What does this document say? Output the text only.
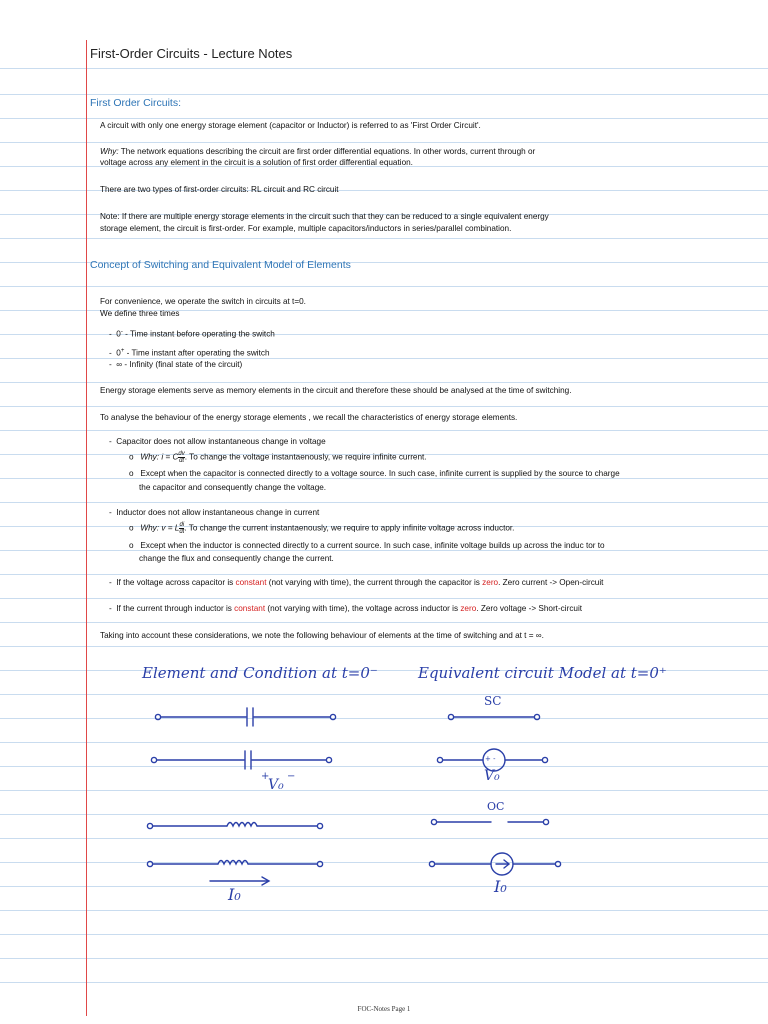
First-Order Circuits - Lecture Notes
First Order Circuits:
A circuit with only one energy storage element (capacitor or Inductor) is referred to as 'First Order Circuit'.
Why: The network equations describing the circuit are first order differential equations. In other words, current through or
voltage across any element in the circuit is a solution of first order differential equation.
There are two types of first-order circuits: RL circuit and RC circuit
Note: If there are multiple energy storage elements in the circuit such that they can be reduced to a single equivalent energy
storage element, the circuit is first-order. For example, multiple capacitors/inductors in series/parallel combination.
Concept of Switching and Equivalent Model of Elements
For convenience, we operate the switch in circuits at t=0.
We define three times
-  0- - Time instant before operating the switch
-  0+ - Time instant after operating the switch
-  ∞ - Infinity (final state of the circuit)
Energy storage elements serve as memory elements in the circuit and therefore these should be analysed at the time of switching.
To analyse the behaviour of the energy storage elements , we recall the characteristics of energy storage elements.
-  Capacitor does not allow instantaneous change in voltage
o   Why: i = C $\frac{dv}{dt}$ . To change the voltage instantaenously, we require infinite current.
o   Except when the capacitor is connected directly to a voltage source. In such case, infinite current is supplied by the source to charge
the capacitor and consequently change the voltage.
-  Inductor does not allow instantaneous change in current
o   Why: v = L $\frac{di}{dt}$ . To change the current instantaenously, we require to apply infinite voltage across inductor.
o   Except when the inductor is connected directly to a current source. In such case, infinite voltage builds up across the induc tor to
change the flux and consequently change the current.
-  If the voltage across capacitor is constant (not varying with time), the current through the capacitor is zero. Zero current -> Open-circuit
-  If the current through inductor is constant (not varying with time), the voltage across inductor is zero. Zero voltage -> Short-circuit
Taking into account these considerations, we note the following behaviour of elements at the time of switching and at t = ∞.
Element and Condition at t=0⁻	Equivalent circuit Model at t=0⁺
SC
+ -
+
V₀
−	V₀
OC
I₀	I₀
FOC-Notes Page 1
